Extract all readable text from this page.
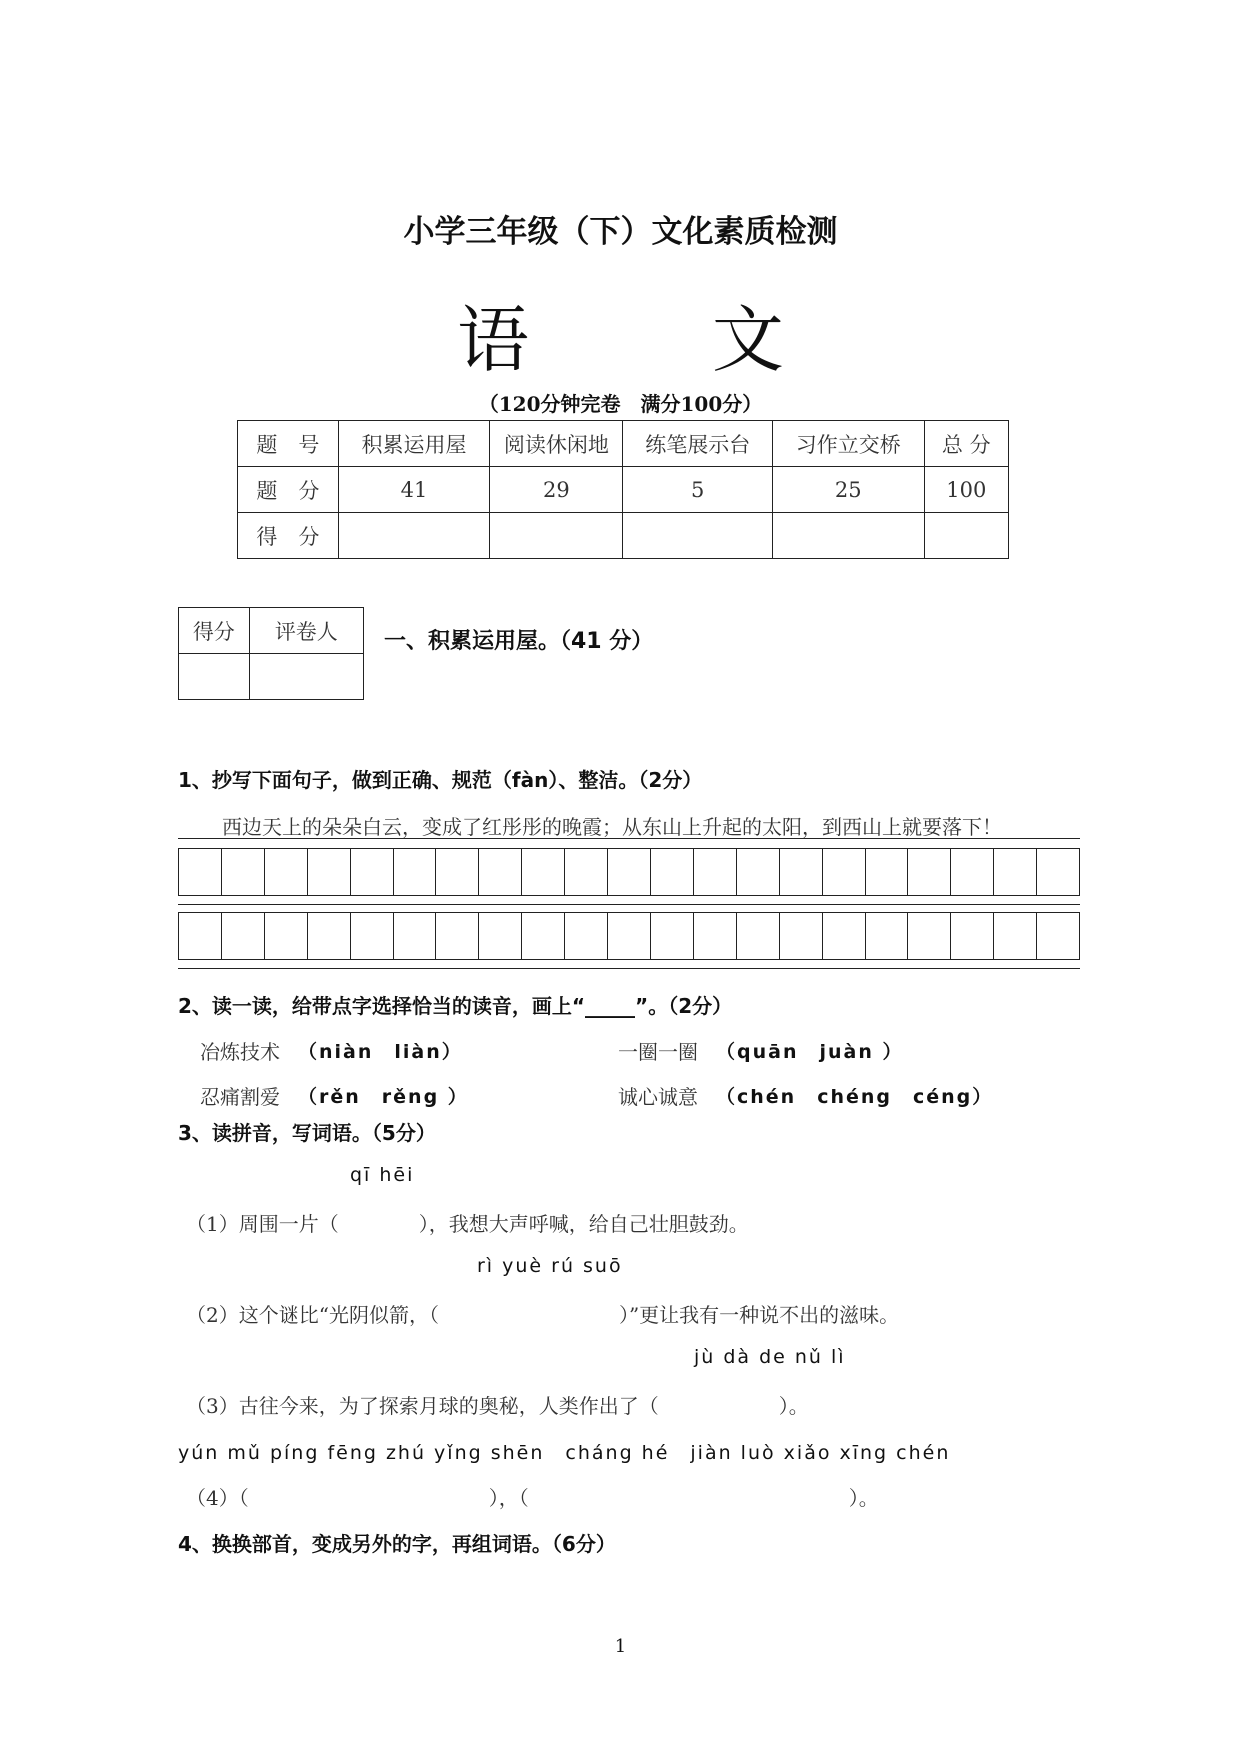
小学三年级（下）文化素质检测
语 文
（120分钟完卷　满分100分）
题　号	积累运用屋	阅读休闲地	练笔展示台	习作立交桥	总 分
题　分	41	29	5	25	100
得　分					
得分	评卷人
	一、积累运用屋。（41 分）
1、抄写下面句子，做到正确、规范（fàn）、整洁。（2分）
西边天上的朵朵白云，变成了红彤彤的晚霞；从东山上升起的太阳，到西山上就要落下！
2、读一读，给带点字选择恰当的读音，画上“_____”。（2分）
冶炼技术 （niàn　liàn）	一圈一圈 （quān　juàn ）
忍痛割爱 （rěn　rěng ）	诚心诚意 （chén　chéng　céng）
3、读拼音，写词语。（5分）
qī hēi
（1）周围一片（　　　　），我想大声呼喊，给自己壮胆鼓劲。
rì yuè rú suō
（2）这个谜比“光阴似箭，（　　　　　　　　　）”更让我有一种说不出的滋味。
jù dà de nǔ lì
（3）古往今来，为了探索月球的奥秘，人类作出了（　　　　　　）。
yún mǔ píng fēng zhú yǐng shēn　cháng hé　jiàn luò xiǎo xīng chén
（4）（　　　　　　　　　　　　），（　　　　　　　　　　　　　　　　）。
4、换换部首，变成另外的字，再组词语。（6分）
1
